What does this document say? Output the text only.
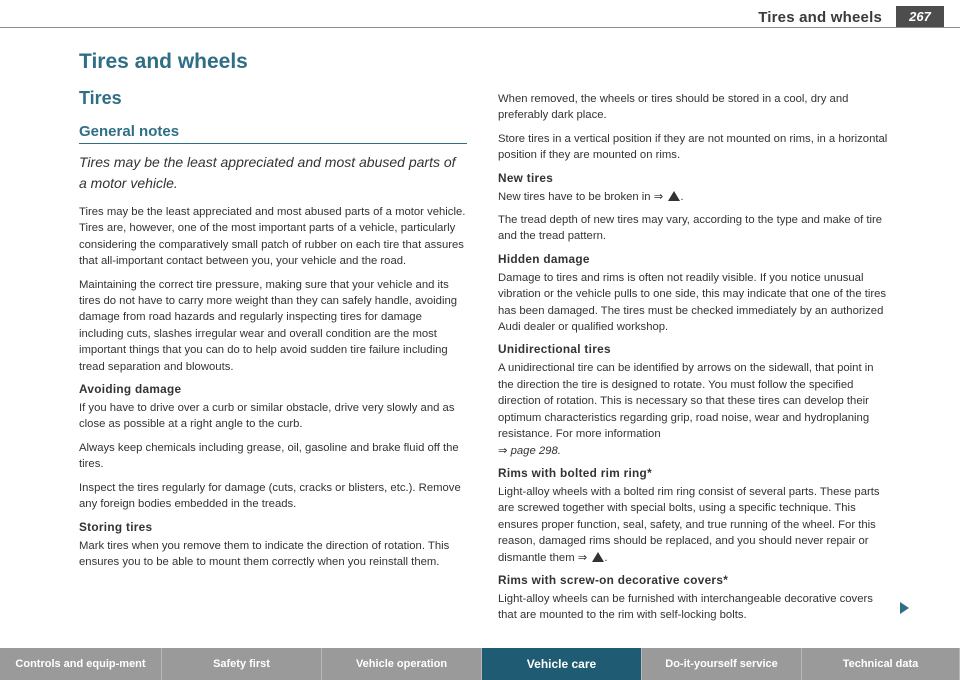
Tires and wheels	267
Tires and wheels
Tires
General notes
Tires may be the least appreciated and most abused parts of a motor vehicle.

Tires may be the least appreciated and most abused parts of a motor vehicle. Tires are, however, one of the most important parts of a vehicle, particularly considering the comparatively small patch of rubber on each tire that assures that all-important contact between you, your vehicle and the road.

Maintaining the correct tire pressure, making sure that your vehicle and its tires do not have to carry more weight than they can safely handle, avoiding damage from road hazards and regularly inspecting tires for damage including cuts, slashes irregular wear and overall condition are the most important things that you can do to help avoid sudden tire failure including tread separation and blowouts.

Avoiding damage

If you have to drive over a curb or similar obstacle, drive very slowly and as close as possible at a right angle to the curb.

Always keep chemicals including grease, oil, gasoline and brake fluid off the tires.

Inspect the tires regularly for damage (cuts, cracks or blisters, etc.). Remove any foreign bodies embedded in the treads.

Storing tires

Mark tires when you remove them to indicate the direction of rotation. This ensures you to be able to mount them correctly when you reinstall them.

When removed, the wheels or tires should be stored in a cool, dry and preferably dark place.

Store tires in a vertical position if they are not mounted on rims, in a horizontal position if they are mounted on rims.

New tires

New tires have to be broken in ⇒ .

The tread depth of new tires may vary, according to the type and make of tire and the tread pattern.

Hidden damage

Damage to tires and rims is often not readily visible. If you notice unusual vibration or the vehicle pulls to one side, this may indicate that one of the tires has been damaged. The tires must be checked immediately by an authorized Audi dealer or qualified workshop.

Unidirectional tires

A unidirectional tire can be identified by arrows on the sidewall, that point in the direction the tire is designed to rotate. You must follow the specified direction of rotation. This is necessary so that these tires can develop their optimum characteristics regarding grip, road noise, wear and hydroplaning resistance. For more information
⇒ page 298.

Rims with bolted rim ring*

Light-alloy wheels with a bolted rim ring consist of several parts. These parts are screwed together with special bolts, using a specific technique. This ensures proper function, seal, safety, and true running of the wheel. For this reason, damaged rims should be replaced, and you should never repair or dismantle them ⇒ .

Rims with screw-on decorative covers*

Light-alloy wheels can be furnished with interchangeable decorative covers that are mounted to the rim with self-locking bolts.

Controls and equip-ment	Safety first	Vehicle operation	Vehicle care	Do-it-yourself service	Technical data
